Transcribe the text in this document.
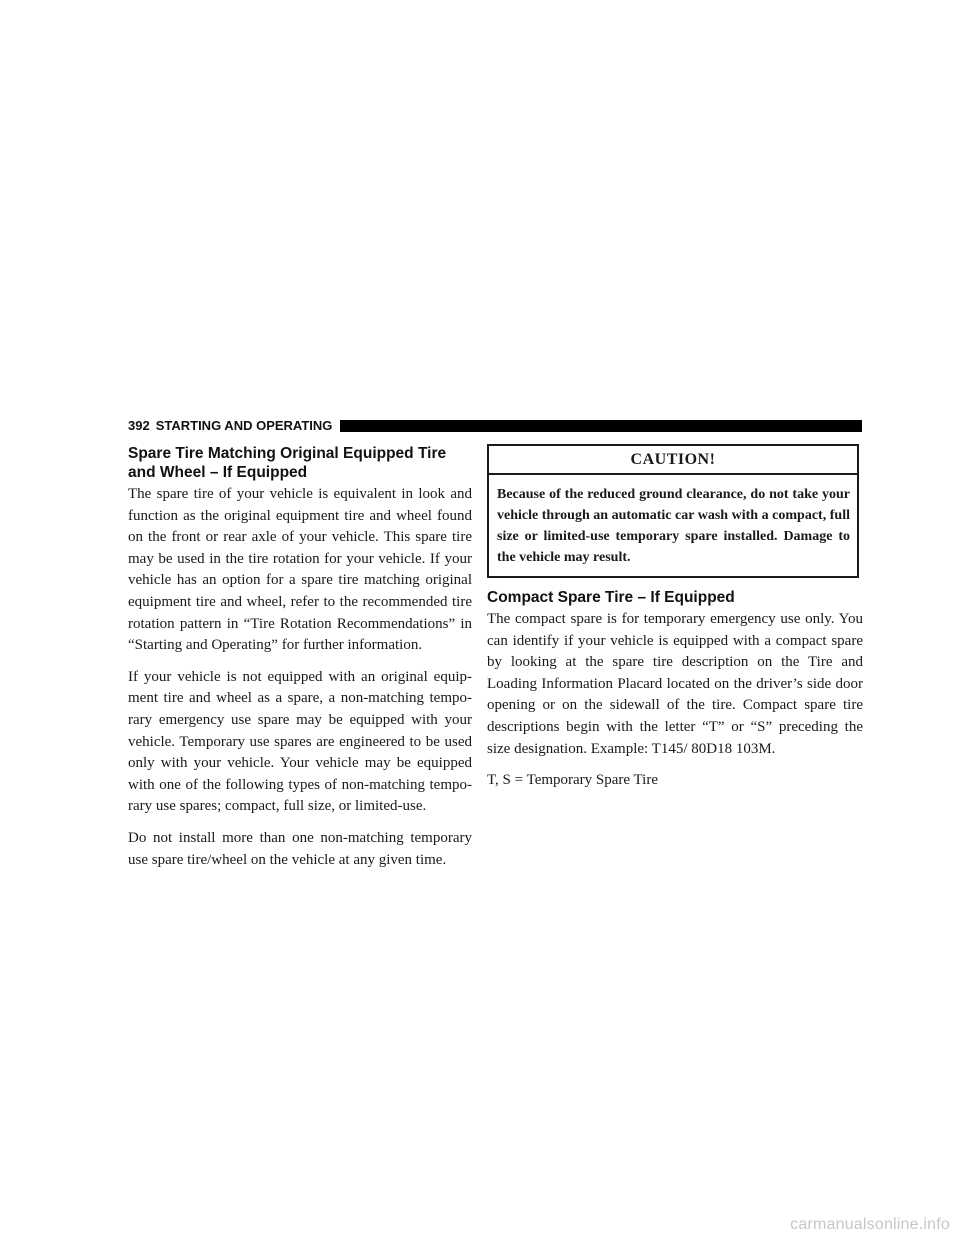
392 STARTING AND OPERATING
Spare Tire Matching Original Equipped Tire and Wheel – If Equipped

The spare tire of your vehicle is equivalent in look and function as the original equipment tire and wheel found on the front or rear axle of your vehicle. This spare tire may be used in the tire rotation for your vehicle. If your vehicle has an option for a spare tire matching original equipment tire and wheel, refer to the recommended tire rotation pattern in “Tire Rotation Recommendations” in “Starting and Operating” for further information.

If your vehicle is not equipped with an original equip-ment tire and wheel as a spare, a non-matching tempo-rary emergency use spare may be equipped with your vehicle. Temporary use spares are engineered to be used only with your vehicle. Your vehicle may be equipped with one of the following types of non-matching tempo-rary use spares; compact, full size, or limited-use.

Do not install more than one non-matching temporary use spare tire/wheel on the vehicle at any given time.

CAUTION!
Because of the reduced ground clearance, do not take your vehicle through an automatic car wash with a compact, full size or limited-use temporary spare installed. Damage to the vehicle may result.
Compact Spare Tire – If Equipped

The compact spare is for temporary emergency use only. You can identify if your vehicle is equipped with a compact spare by looking at the spare tire description on the Tire and Loading Information Placard located on the driver’s side door opening or on the sidewall of the tire. Compact spare tire descriptions begin with the letter “T” or “S” preceding the size designation. Example: T145/ 80D18 103M.

T, S = Temporary Spare Tire

carmanualsonline.info
